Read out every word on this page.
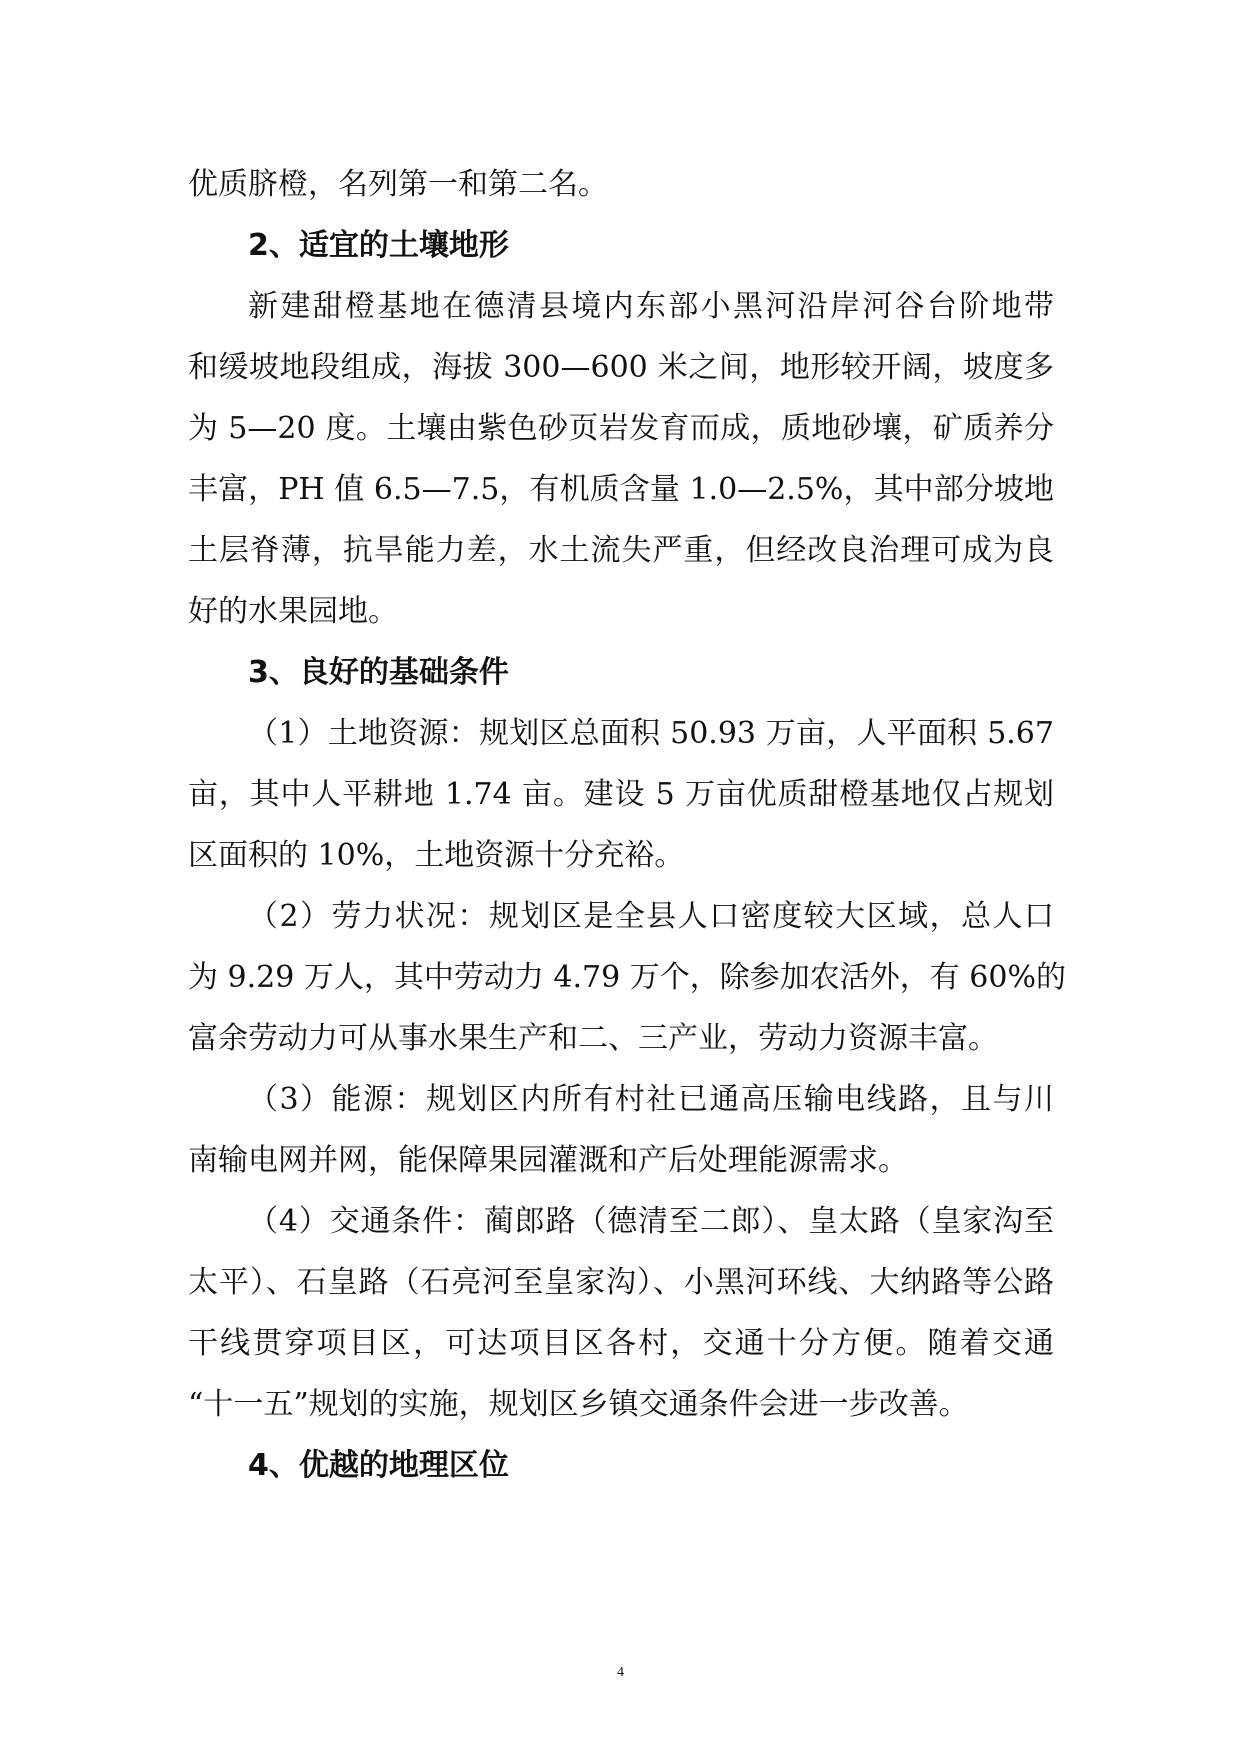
优质脐橙，名列第一和第二名。
2、适宜的土壤地形
新建甜橙基地在德清县境内东部小黑河沿岸河谷台阶地带
和缓坡地段组成，海拔 300—600 米之间，地形较开阔，坡度多
为 5—20 度。土壤由紫色砂页岩发育而成，质地砂壤，矿质养分
丰富，PH 值 6.5—7.5，有机质含量 1.0—2.5%，其中部分坡地
土层脊薄，抗旱能力差，水土流失严重，但经改良治理可成为良
好的水果园地。
3、良好的基础条件
（1）土地资源：规划区总面积 50.93 万亩，人平面积 5.67
亩，其中人平耕地 1.74 亩。建设 5 万亩优质甜橙基地仅占规划
区面积的 10%，土地资源十分充裕。
（2）劳力状况：规划区是全县人口密度较大区域，总人口
为 9.29 万人，其中劳动力 4.79 万个，除参加农活外，有 60%的
富余劳动力可从事水果生产和二、三产业，劳动力资源丰富。
（3）能源：规划区内所有村社已通高压输电线路，且与川
南输电网并网，能保障果园灌溉和产后处理能源需求。
（4）交通条件：蔺郎路（德清至二郎）、皇太路（皇家沟至
太平）、石皇路（石亮河至皇家沟）、小黑河环线、大纳路等公路
干线贯穿项目区，可达项目区各村，交通十分方便。随着交通
“十一五”规划的实施，规划区乡镇交通条件会进一步改善。
4、优越的地理区位
4
